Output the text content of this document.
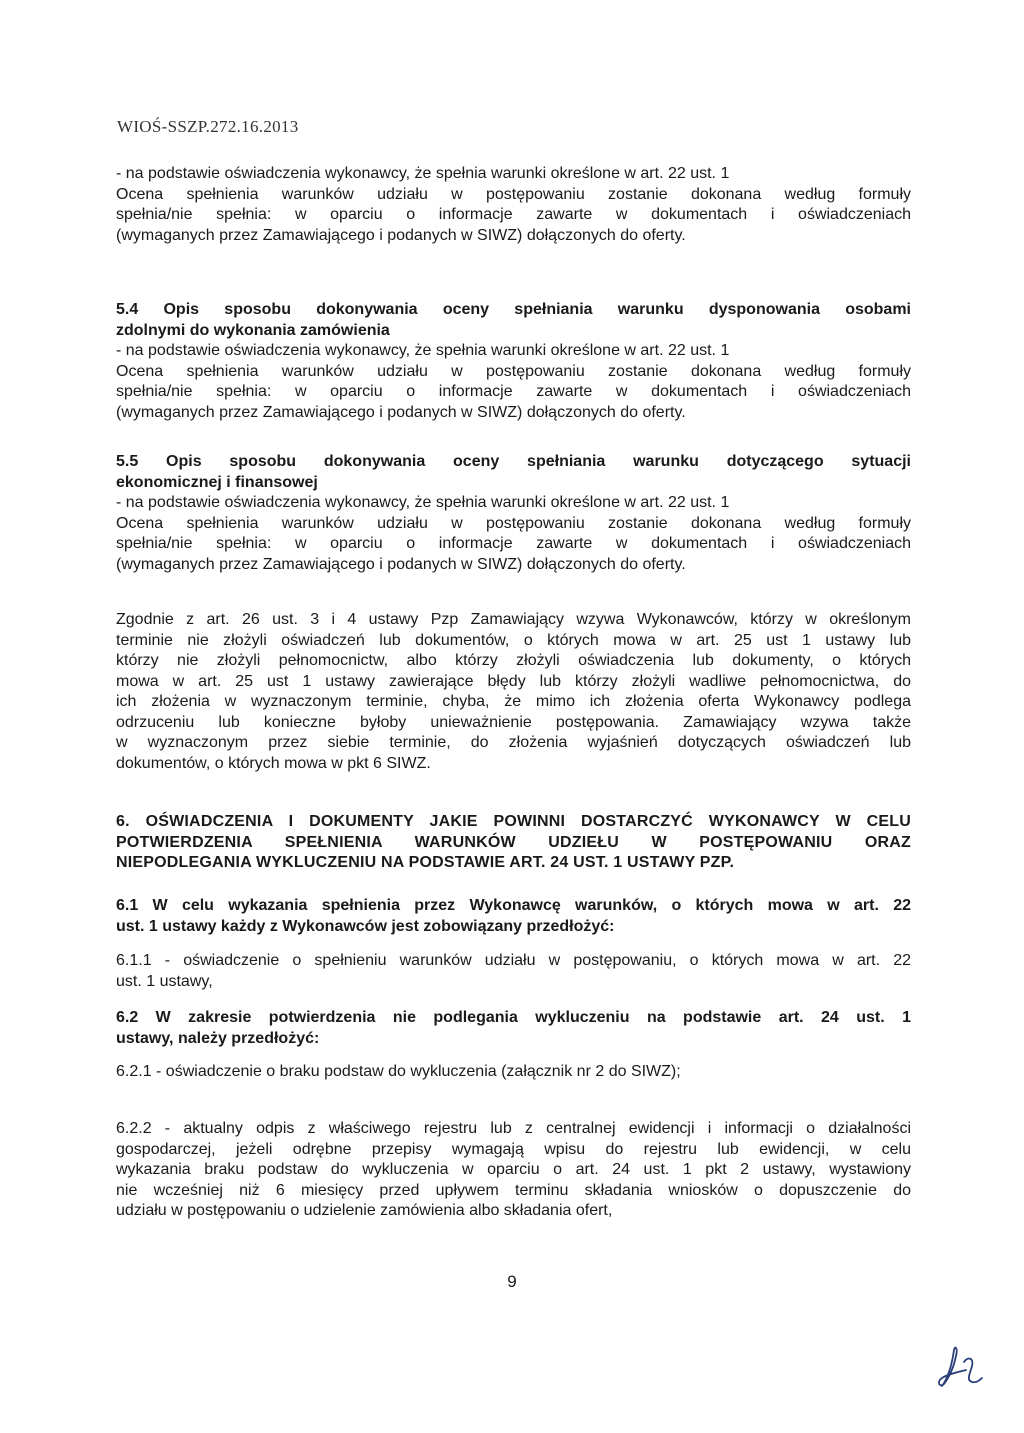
WIOŚ-SSZP.272.16.2013

- na podstawie oświadczenia wykonawcy, że spełnia warunki określone w art. 22 ust. 1

Ocena spełnienia warunków udziału w postępowaniu zostanie dokonana według formuły

spełnia/nie spełnia: w oparciu o informacje zawarte w dokumentach i oświadczeniach

(wymaganych przez Zamawiającego i podanych w SIWZ) dołączonych do oferty.

5.4 Opis sposobu dokonywania oceny spełniania warunku dysponowania osobami

zdolnymi do wykonania zamówienia

- na podstawie oświadczenia wykonawcy, że spełnia warunki określone w art. 22 ust. 1

Ocena spełnienia warunków udziału w postępowaniu zostanie dokonana według formuły

spełnia/nie spełnia: w oparciu o informacje zawarte w dokumentach i oświadczeniach

(wymaganych przez Zamawiającego i podanych w SIWZ) dołączonych do oferty.

5.5 Opis sposobu dokonywania oceny spełniania warunku dotyczącego sytuacji

ekonomicznej i finansowej

- na podstawie oświadczenia wykonawcy, że spełnia warunki określone w art. 22 ust. 1

Ocena spełnienia warunków udziału w postępowaniu zostanie dokonana według formuły

spełnia/nie spełnia: w oparciu o informacje zawarte w dokumentach i oświadczeniach

(wymaganych przez Zamawiającego i podanych w SIWZ) dołączonych do oferty.

Zgodnie z art. 26 ust. 3 i 4 ustawy Pzp Zamawiający wzywa Wykonawców, którzy w określonym

terminie nie złożyli oświadczeń lub dokumentów, o których mowa w art. 25 ust 1 ustawy lub

którzy nie złożyli pełnomocnictw, albo którzy złożyli oświadczenia lub dokumenty, o których

mowa w art. 25 ust 1 ustawy zawierające błędy lub którzy złożyli wadliwe pełnomocnictwa, do

ich złożenia w wyznaczonym terminie, chyba, że mimo ich złożenia oferta Wykonawcy podlega

odrzuceniu lub konieczne byłoby unieważnienie postępowania. Zamawiający wzywa także

w wyznaczonym przez siebie terminie, do złożenia wyjaśnień dotyczących oświadczeń lub

dokumentów, o których mowa w pkt 6 SIWZ.

6. OŚWIADCZENIA I DOKUMENTY JAKIE POWINNI DOSTARCZYĆ WYKONAWCY W CELU

POTWIERDZENIA SPEŁNIENIA WARUNKÓW UDZIEŁU W POSTĘPOWANIU ORAZ

NIEPODLEGANIA WYKLUCZENIU NA PODSTAWIE ART. 24 UST. 1 USTAWY PZP.

6.1 W celu wykazania spełnienia przez Wykonawcę warunków, o których mowa w art. 22

ust. 1 ustawy każdy z Wykonawców jest zobowiązany przedłożyć:

6.1.1 - oświadczenie o spełnieniu warunków udziału w postępowaniu, o których mowa w art. 22

ust. 1 ustawy,

6.2 W zakresie potwierdzenia nie podlegania wykluczeniu na podstawie art. 24 ust. 1

ustawy, należy przedłożyć:

6.2.1 - oświadczenie o braku podstaw do wykluczenia (załącznik nr 2 do SIWZ);

6.2.2 - aktualny odpis z właściwego rejestru lub z centralnej ewidencji i informacji o działalności

gospodarczej, jeżeli odrębne przepisy wymagają wpisu do rejestru lub ewidencji, w celu

wykazania braku podstaw do wykluczenia w oparciu o art. 24 ust. 1 pkt 2 ustawy, wystawiony

nie wcześniej niż 6 miesięcy przed upływem terminu składania wniosków o dopuszczenie do

udziału w postępowaniu o udzielenie zamówienia albo składania ofert,

9
